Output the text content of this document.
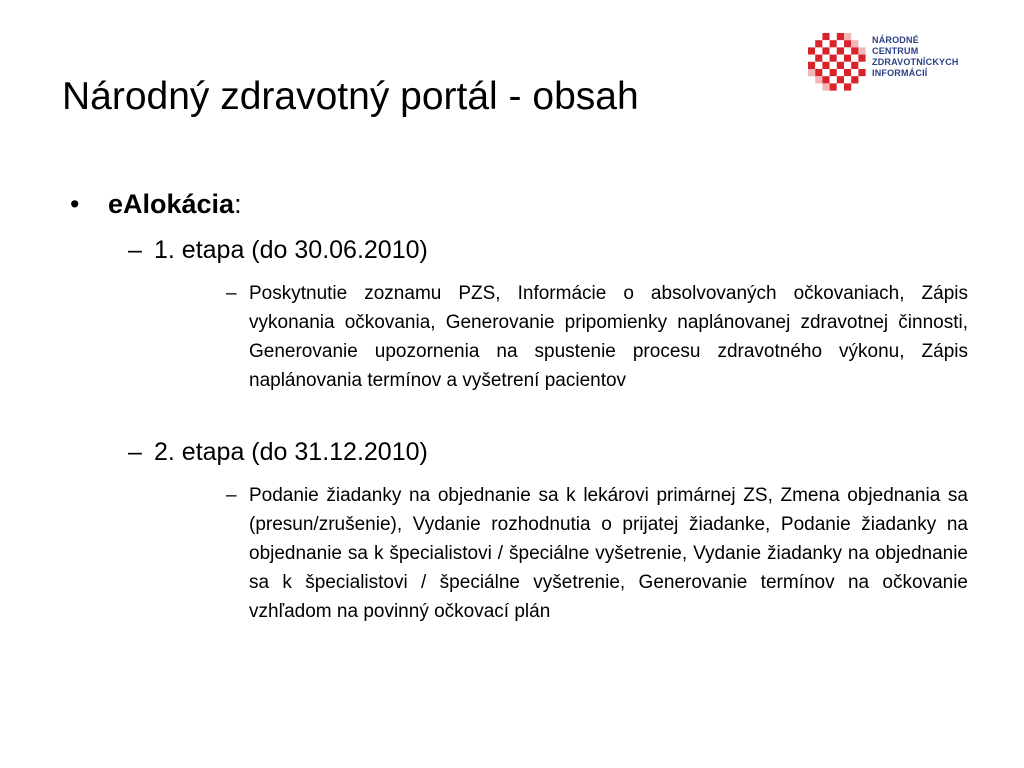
Národný zdravotný portál - obsah
NÁRODNÉ
CENTRUM
ZDRAVOTNÍCKYCH
INFORMÁCIÍ
• eAlokácia:
– 1. etapa (do 30.06.2010)
– Poskytnutie zoznamu PZS, Informácie o absolvovaných očkovaniach, Zápis vykonania očkovania, Generovanie pripomienky naplánovanej zdravotnej činnosti, Generovanie upozornenia na spustenie procesu zdravotného výkonu, Zápis naplánovania termínov a vyšetrení pacientov
– 2. etapa (do 31.12.2010)
– Podanie žiadanky na objednanie sa k lekárovi primárnej ZS, Zmena objednania sa (presun/zrušenie), Vydanie rozhodnutia o prijatej žiadanke, Podanie žiadanky na objednanie sa k špecialistovi / špeciálne vyšetrenie, Vydanie žiadanky na objednanie sa k špecialistovi / špeciálne vyšetrenie, Generovanie termínov na očkovanie vzhľadom na povinný očkovací plán
